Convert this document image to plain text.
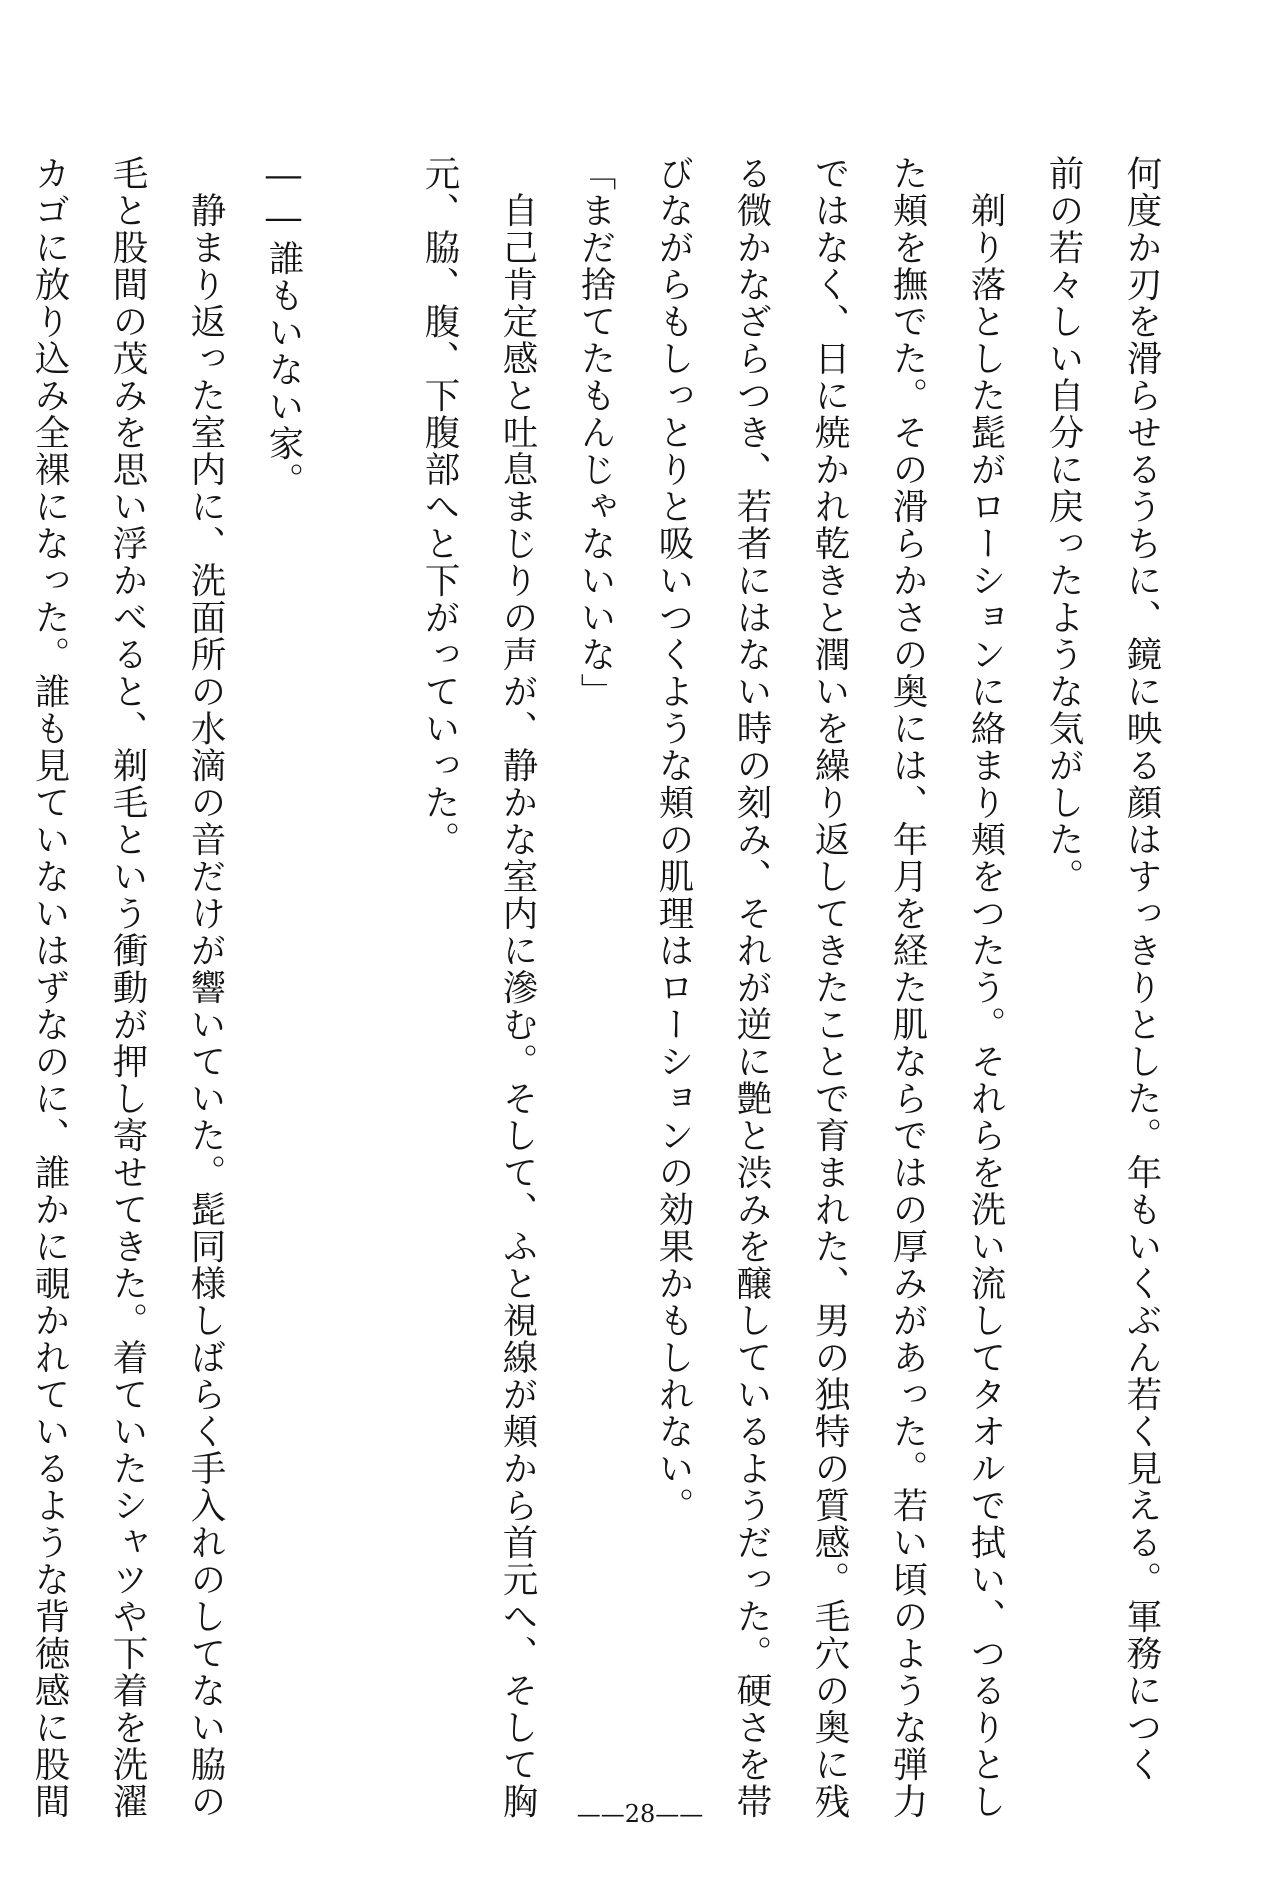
何度か刃を滑らせるうちに、鏡に映る顔はすっきりとした。年もいくぶん若く見える。軍務につく
前の若々しい自分に戻ったような気がした。
　剃り落とした髭がローションに絡まり頬をつたう。それらを洗い流してタオルで拭い、つるりとし
た頬を撫でた。その滑らかさの奥には、年月を経た肌ならではの厚みがあった。若い頃のような弾力
ではなく、日に焼かれ乾きと潤いを繰り返してきたことで育まれた、男の独特の質感。毛穴の奥に残
る微かなざらつき、若者にはない時の刻み、それが逆に艶と渋みを醸しているようだった。硬さを帯
びながらもしっとりと吸いつくような頬の肌理はローションの効果かもしれない。
「まだ捨てたもんじゃないいな」
　自己肯定感と吐息まじりの声が、静かな室内に滲む。そして、ふと視線が頬から首元へ、そして胸
元、脇、腹、下腹部へと下がっていった。
――誰もいない家。
　静まり返った室内に、洗面所の水滴の音だけが響いていた。髭同様しばらく手入れのしてない脇の
毛と股間の茂みを思い浮かべると、剃毛という衝動が押し寄せてきた。着ていたシャツや下着を洗濯
カゴに放り込み全裸になった。誰も見ていないはずなのに、誰かに覗かれているような背徳感に股間	——28——
